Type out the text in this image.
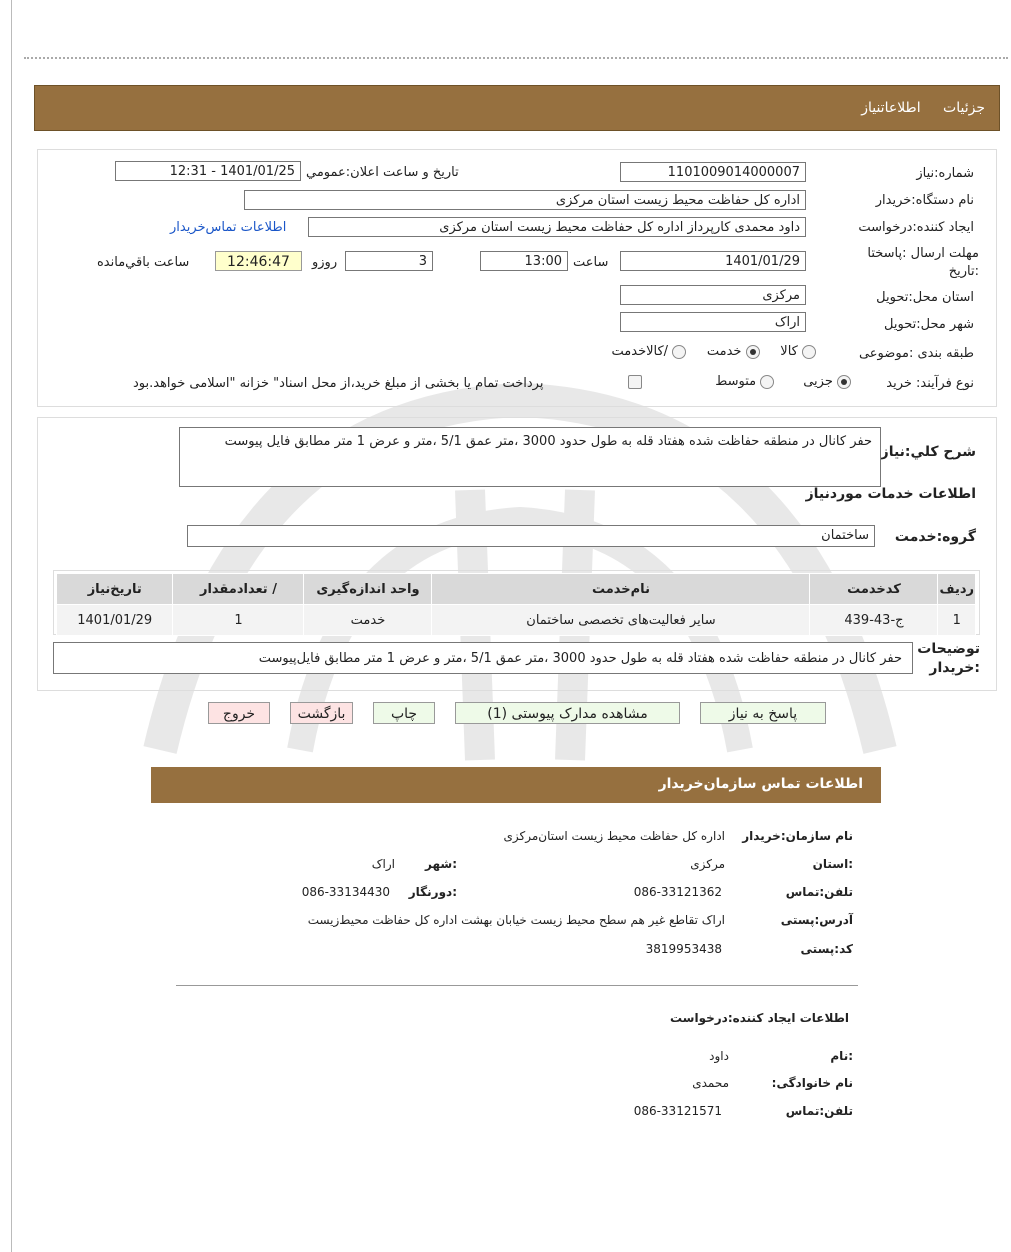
جزئیات اطلاعاتنیاز
شماره:نیاز
1101009014000007
تاریخ و ساعت اعلان:عمومي
1401/01/25 - 12:31
نام دستگاه:خریدار
اداره کل حفاظت محیط زیست استان مرکزی
ایجاد کننده:درخواست
داود محمدی کارپرداز اداره کل حفاظت محیط زیست استان مرکزی
اطلاعات تماس‌خریدار
مهلت ارسال :پاسختا
:تاریخ
1401/01/29
ساعت
13:00
3
روزو
12:46:47
ساعت باقي‌مانده
استان محل:تحویل
مرکزی
شهر محل:تحویل
اراک
طبقه بندی :موضوعی
کالا      خدمت      /کالاخدمت
نوع فرآیند: خرید
جزیی        متوسط
پرداخت تمام یا بخشی از مبلغ خرید،از محل اسناد" خزانه "اسلامی خواهد.بود
شرح کلي:نیاز
حفر کانال در منطقه حفاظت شده هفتاد قله به طول حدود 3000 ،متر عمق 5/1 ،متر و عرض 1 متر مطابق فایل پیوست
اطلاعات خدمات موردنیاز
گروه:خدمت
ساختمان
ردیف	کدخدمت	نام‌خدمت	واحد اندازه‌گیری	/ تعدادمقدار	تاریخ‌نیاز
1	ج-43-439	سایر فعالیت‌های تخصصی ساختمان	خدمت	1	1401/01/29
توضیحات
:خریدار
حفر کانال در منطقه حفاظت شده هفتاد قله به طول حدود 3000 ،متر عمق 5/1 ،متر و عرض 1 متر مطابق فایل‌پیوست
پاسخ به نیاز
مشاهده مدارک پیوستی (1)
چاپ
بازگشت
خروج
اطلاعات تماس سازمان‌خریدار
نام سازمان:خریدار
اداره کل حفاظت محیط زیست استان‌مرکزی
:استان
مرکزی
:شهر
اراک
تلفن:تماس
086-33121362
:دورنگار
086-33134430
آدرس:پستی
اراک تقاطع غیر هم سطح محیط زیست خیابان بهشت اداره کل حفاظت محیط‌زیست
کد:پستی
3819953438
اطلاعات ایجاد کننده:درخواست
:نام
داود
نام خانوادگی:
محمدی
تلفن:تماس
086-33121571
